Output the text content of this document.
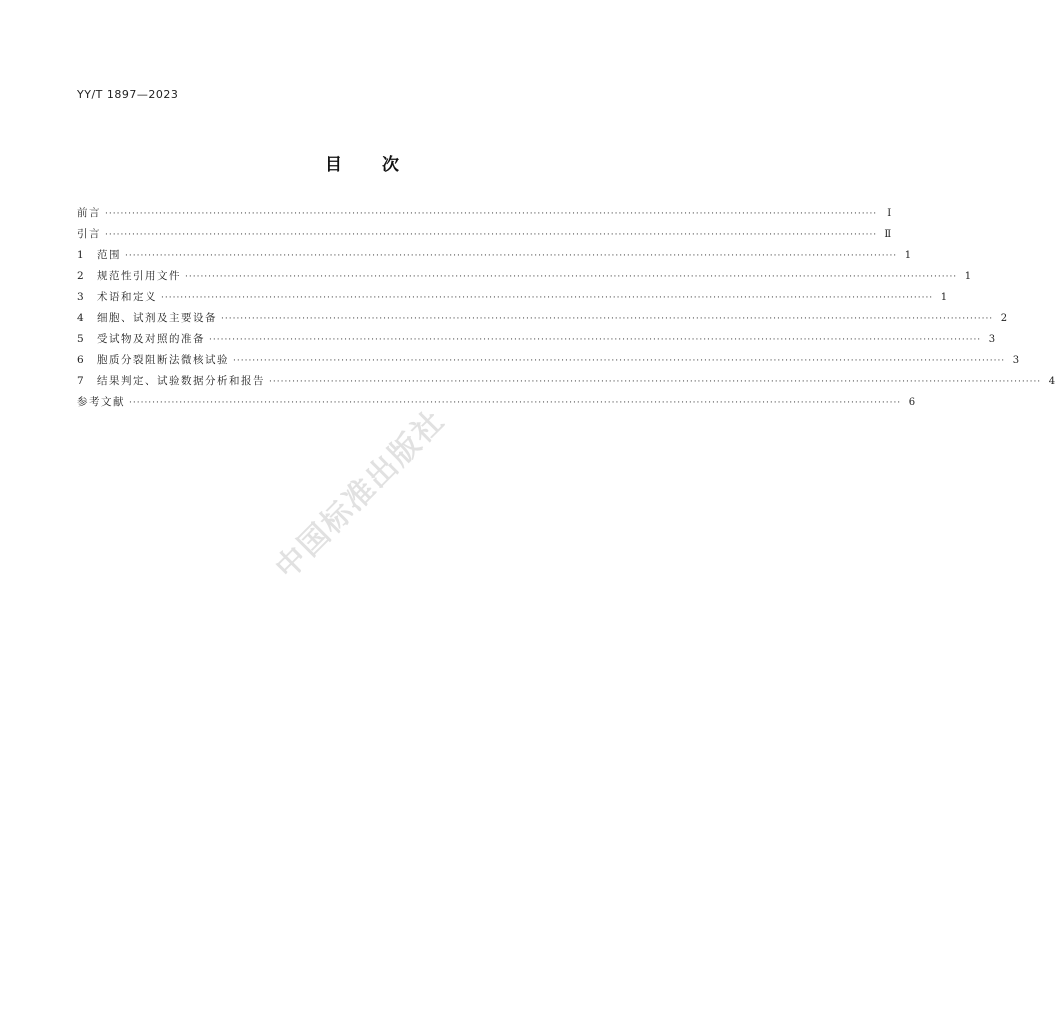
YY/T 1897—2023
目次
前言 ········································································································································································································	Ⅰ
引言 ········································································································································································································ Ⅱ
1	范围 ········································································································································································································ 1
2	规范性引用文件 ········································································································································································································ 1
3	术语和定义 ········································································································································································································ 1
4	细胞、试剂及主要设备 ········································································································································································································ 2
5	受试物及对照的准备 ········································································································································································································ 3
6	胞质分裂阻断法微核试验 ········································································································································································································ 3
7	结果判定、试验数据分析和报告 ········································································································································································································ 4
参考文献 ········································································································································································································ 6
中国标准出版社
